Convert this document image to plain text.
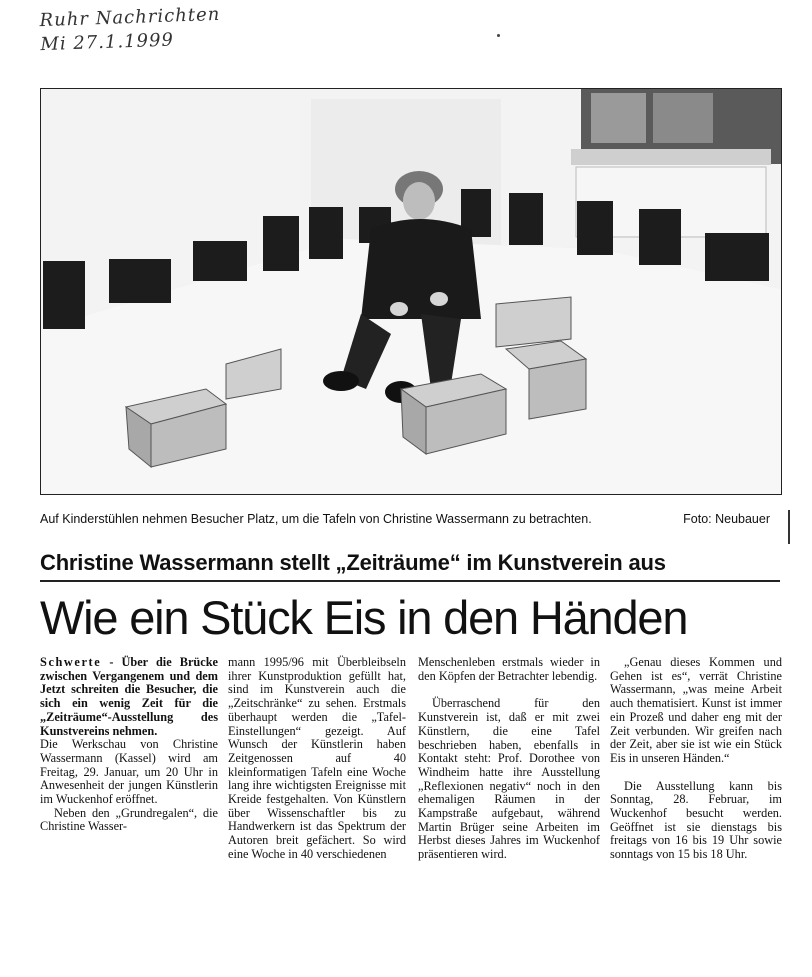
Ruhr Nachrichten
Mi 27.1.1999
Auf Kinderstühlen nehmen Besucher Platz, um die Tafeln von Christine Wassermann zu betrachten.	Foto: Neubauer
Christine Wassermann stellt „Zeiträume“ im Kunstverein aus
Wie ein Stück Eis in den Händen

Schwerte - Über die Brücke zwischen Vergangenem und dem Jetzt schreiten die Besucher, die sich ein wenig Zeit für die „Zeiträume“-Ausstellung des Kunstvereins nehmen.

Die Werkschau von Christine Wassermann (Kassel) wird am Freitag, 29. Januar, um 20 Uhr in Anwesenheit der jungen Künstlerin im Wuckenhof eröffnet.

Neben den „Grundregalen“, die Christine Wasser-

mann 1995/96 mit Überbleibseln ihrer Kunstproduktion gefüllt hat, sind im Kunstverein auch die „Zeitschränke“ zu sehen. Erstmals überhaupt werden die „Tafel-Einstellungen“ gezeigt. Auf Wunsch der Künstlerin haben Zeitgenossen auf 40 kleinformatigen Tafeln eine Woche lang ihre wichtigsten Ereignisse mit Kreide festgehalten. Von Künstlern über Wissenschaftler bis zu Handwerkern ist das Spektrum der Autoren breit gefächert. So wird eine Woche in 40 verschiedenen

Menschenleben erstmals wieder in den Köpfen der Betrachter lebendig.

Überraschend für den Kunstverein ist, daß er mit zwei Künstlern, die eine Tafel beschrieben haben, ebenfalls in Kontakt steht: Prof. Dorothee von Windheim hatte ihre Ausstellung „Reflexionen negativ“ noch in den ehemaligen Räumen in der Kampstraße aufgebaut, während Martin Brüger seine Arbeiten im Herbst dieses Jahres im Wuckenhof präsentieren wird.

„Genau dieses Kommen und Gehen ist es“, verrät Christine Wassermann, „was meine Arbeit auch thematisiert. Kunst ist immer ein Prozeß und daher eng mit der Zeit verbunden. Wir greifen nach der Zeit, aber sie ist wie ein Stück Eis in unseren Händen.“

Die Ausstellung kann bis Sonntag, 28. Februar, im Wuckenhof besucht werden. Geöffnet ist sie dienstags bis freitags von 16 bis 19 Uhr sowie sonntags von 15 bis 18 Uhr.
